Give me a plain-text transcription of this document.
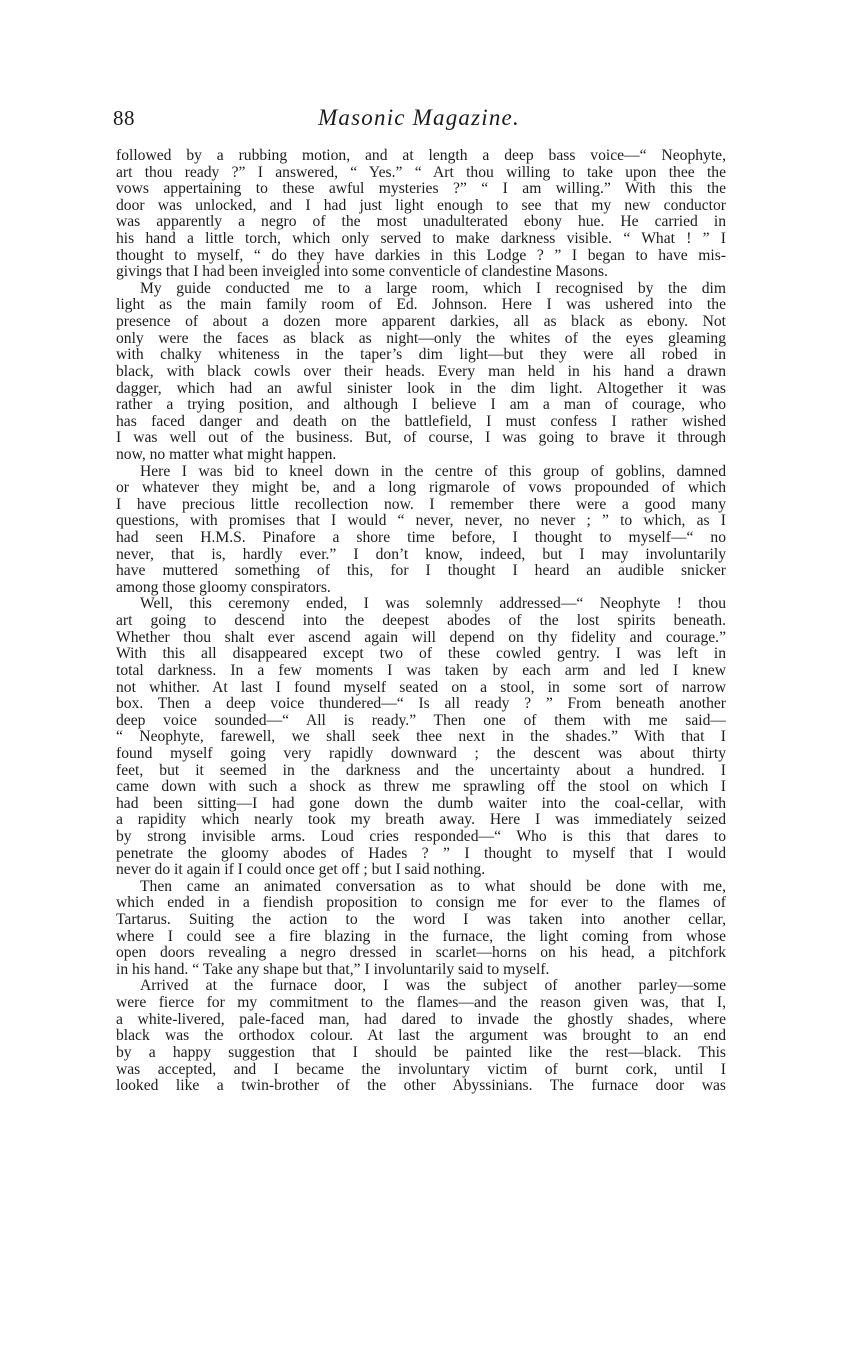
88	Masonic Magazine.
followed by a rubbing motion, and at length a deep bass voice—“ Neophyte,
art thou ready ?” I answered, “ Yes.” “ Art thou willing to take upon thee the
vows appertaining to these awful mysteries ?” “ I am willing.” With this the
door was unlocked, and I had just light enough to see that my new conductor
was apparently a negro of the most unadulterated ebony hue. He carried in
his hand a little torch, which only served to make darkness visible. “ What ! ” I
thought to myself, “ do they have darkies in this Lodge ? ” I began to have mis-
givings that I had been inveigled into some conventicle of clandestine Masons.
My guide conducted me to a large room, which I recognised by the dim
light as the main family room of Ed. Johnson. Here I was ushered into the
presence of about a dozen more apparent darkies, all as black as ebony. Not
only were the faces as black as night—only the whites of the eyes gleaming
with chalky whiteness in the taper’s dim light—but they were all robed in
black, with black cowls over their heads. Every man held in his hand a drawn
dagger, which had an awful sinister look in the dim light. Altogether it was
rather a trying position, and although I believe I am a man of courage, who
has faced danger and death on the battlefield, I must confess I rather wished
I was well out of the business. But, of course, I was going to brave it through
now, no matter what might happen.
Here I was bid to kneel down in the centre of this group of goblins, damned
or whatever they might be, and a long rigmarole of vows propounded of which
I have precious little recollection now. I remember there were a good many
questions, with promises that I would “ never, never, no never ; ” to which, as I
had seen H.M.S. Pinafore a shore time before, I thought to myself—“ no
never, that is, hardly ever.” I don’t know, indeed, but I may involuntarily
have muttered something of this, for I thought I heard an audible snicker
among those gloomy conspirators.
Well, this ceremony ended, I was solemnly addressed—“ Neophyte ! thou
art going to descend into the deepest abodes of the lost spirits beneath.
Whether thou shalt ever ascend again will depend on thy fidelity and courage.”
With this all disappeared except two of these cowled gentry. I was left in
total darkness. In a few moments I was taken by each arm and led I knew
not whither. At last I found myself seated on a stool, in some sort of narrow
box. Then a deep voice thundered—“ Is all ready ? ” From beneath another
deep voice sounded—“ All is ready.” Then one of them with me said—
“ Neophyte, farewell, we shall seek thee next in the shades.” With that I
found myself going very rapidly downward ; the descent was about thirty
feet, but it seemed in the darkness and the uncertainty about a hundred. I
came down with such a shock as threw me sprawling off the stool on which I
had been sitting—I had gone down the dumb waiter into the coal-cellar, with
a rapidity which nearly took my breath away. Here I was immediately seized
by strong invisible arms. Loud cries responded—“ Who is this that dares to
penetrate the gloomy abodes of Hades ? ” I thought to myself that I would
never do it again if I could once get off ; but I said nothing.
Then came an animated conversation as to what should be done with me,
which ended in a fiendish proposition to consign me for ever to the flames of
Tartarus. Suiting the action to the word I was taken into another cellar,
where I could see a fire blazing in the furnace, the light coming from whose
open doors revealing a negro dressed in scarlet—horns on his head, a pitchfork
in his hand. “ Take any shape but that,” I involuntarily said to myself.
Arrived at the furnace door, I was the subject of another parley—some
were fierce for my commitment to the flames—and the reason given was, that I,
a white-livered, pale-faced man, had dared to invade the ghostly shades, where
black was the orthodox colour. At last the argument was brought to an end
by a happy suggestion that I should be painted like the rest—black. This
was accepted, and I became the involuntary victim of burnt cork, until I
looked like a twin-brother of the other Abyssinians. The furnace door was
